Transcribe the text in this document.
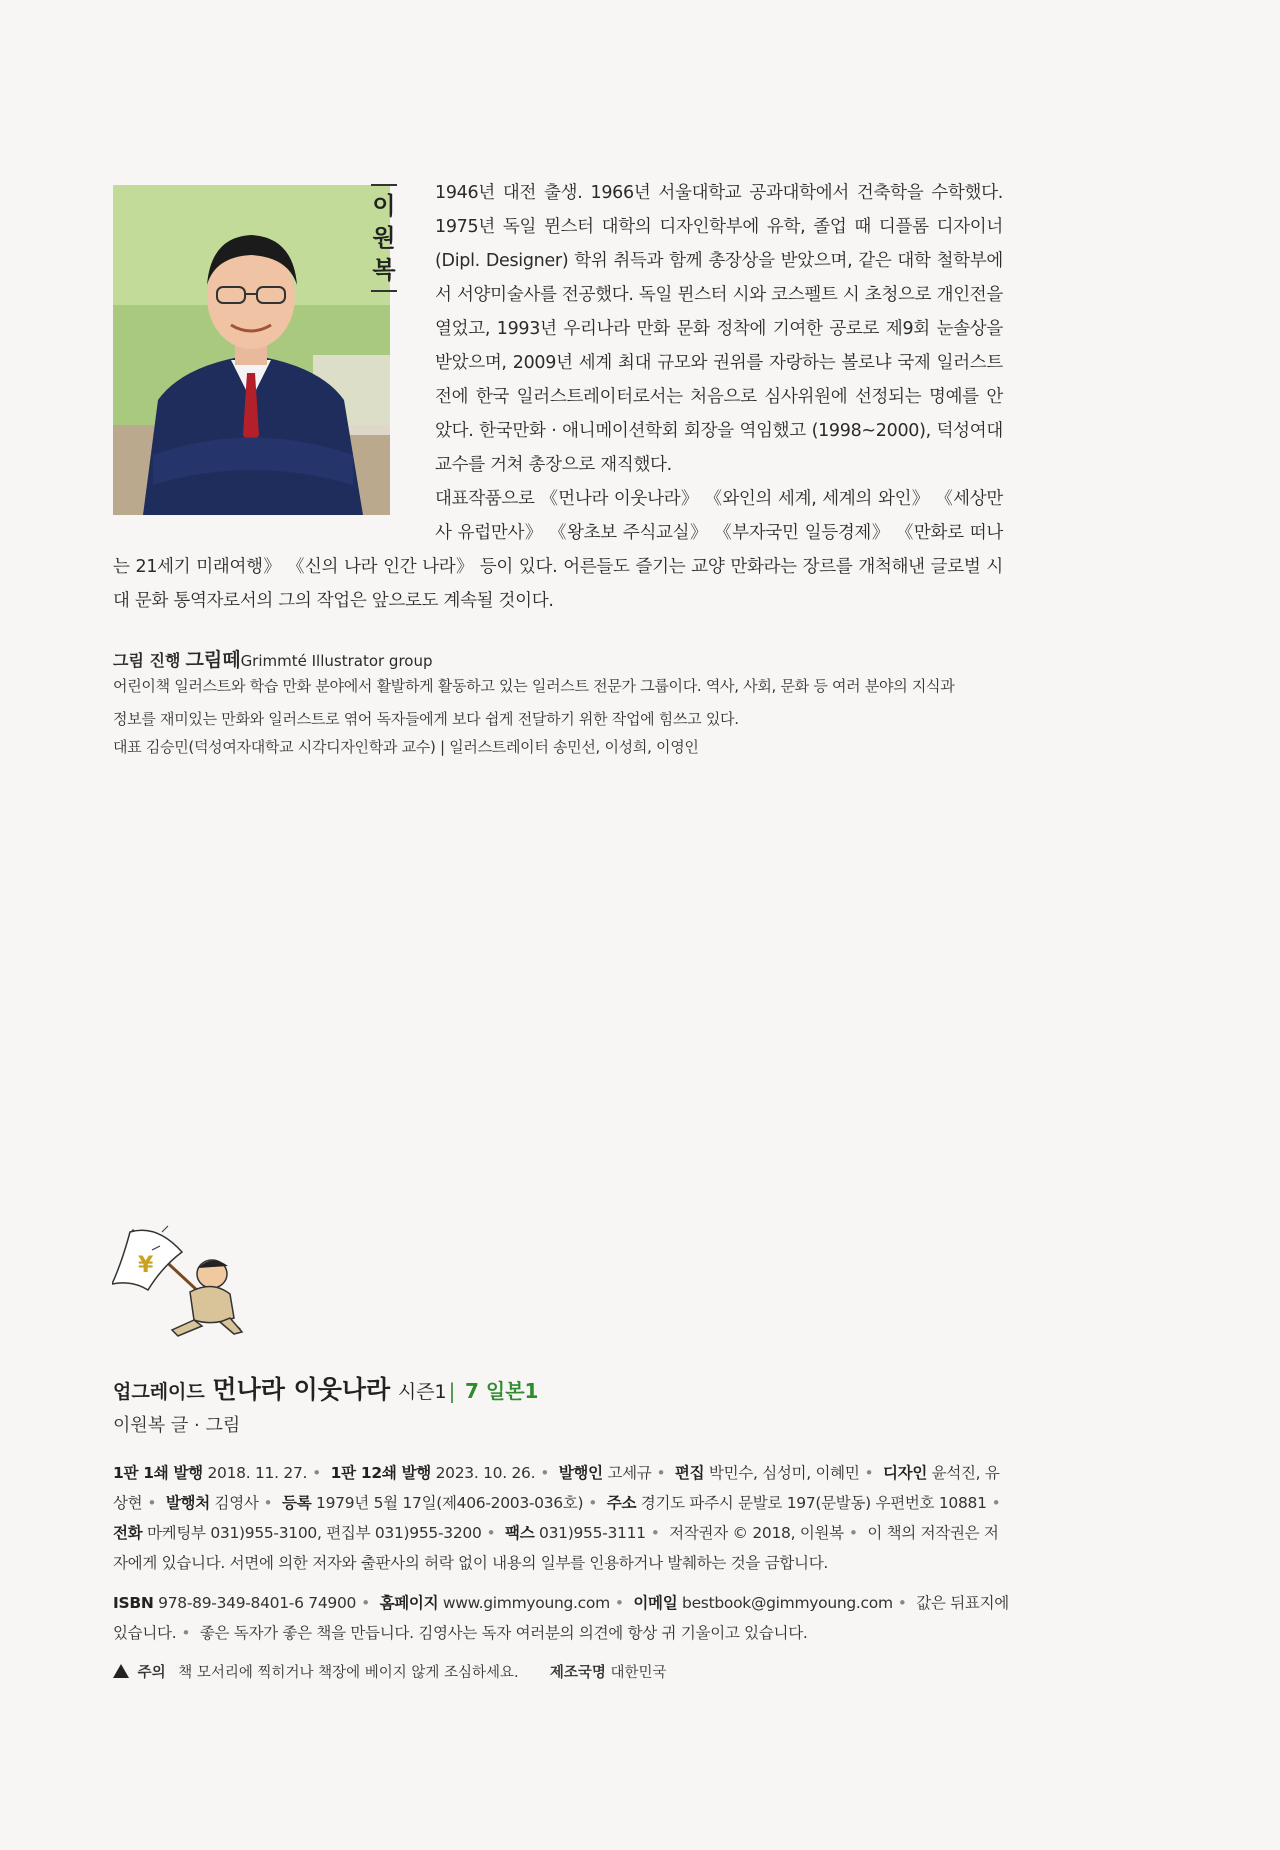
이
원
복

1946년 대전 출생. 1966년 서울대학교 공과대학에서 건축학을 수학했다. 1975년 독일 뮌스터 대학의 디자인학부에 유학, 졸업 때 디플롬 디자이너 (Dipl. Designer) 학위 취득과 함께 총장상을 받았으며, 같은 대학 철학부에서 서양미술사를 전공했다. 독일 뮌스터 시와 코스펠트 시 초청으로 개인전을 열었고, 1993년 우리나라 만화 문화 정착에 기여한 공로로 제9회 눈솔상을 받았으며, 2009년 세계 최대 규모와 권위를 자랑하는 볼로냐 국제 일러스트전에 한국 일러스트레이터로서는 처음으로 심사위원에 선정되는 명예를 안았다. 한국만화 · 애니메이션학회 회장을 역임했고 (1998~2000), 덕성여대 교수를 거쳐 총장으로 재직했다.

대표작품으로 《먼나라 이웃나라》 《와인의 세계, 세계의 와인》 《세상만사 유럽만사》 《왕초보 주식교실》 《부자국민 일등경제》 《만화로 떠나는 21세기 미래여행》 《신의 나라 인간 나라》 등이 있다. 어른들도 즐기는 교양 만화라는 장르를 개척해낸 글로벌 시대 문화 통역자로서의 그의 작업은 앞으로도 계속될 것이다.

그림 진행 그림떼Grimmté Illustrator group
어린이책 일러스트와 학습 만화 분야에서 활발하게 활동하고 있는 일러스트 전문가 그룹이다. 역사, 사회, 문화 등 여러 분야의 지식과
정보를 재미있는 만화와 일러스트로 엮어 독자들에게 보다 쉽게 전달하기 위한 작업에 힘쓰고 있다.
대표 김승민(덕성여자대학교 시각디자인학과 교수) | 일러스트레이터 송민선, 이성희, 이영인
¥
업그레이드 먼나라 이웃나라 시즌1 | 7 일본1
이원복 글 · 그림
1판 1쇄 발행 2018. 11. 27. • 1판 12쇄 발행 2023. 10. 26. • 발행인 고세규 • 편집 박민수, 심성미, 이혜민 • 디자인 윤석진, 유상현 • 발행처 김영사 • 등록 1979년 5월 17일(제406-2003-036호) • 주소 경기도 파주시 문발로 197(문발동) 우편번호 10881 • 전화 마케팅부 031)955-3100, 편집부 031)955-3200 • 팩스 031)955-3111 • 저작권자 © 2018, 이원복 • 이 책의 저작권은 저자에게 있습니다. 서면에 의한 저자와 출판사의 허락 없이 내용의 일부를 인용하거나 발췌하는 것을 금합니다.
ISBN 978-89-349-8401-6 74900 • 홈페이지 www.gimmyoung.com • 이메일 bestbook@gimmyoung.com • 값은 뒤표지에 있습니다. • 좋은 독자가 좋은 책을 만듭니다. 김영사는 독자 여러분의 의견에 항상 귀 기울이고 있습니다.
주의 책 모서리에 찍히거나 책장에 베이지 않게 조심하세요. 제조국명 대한민국
